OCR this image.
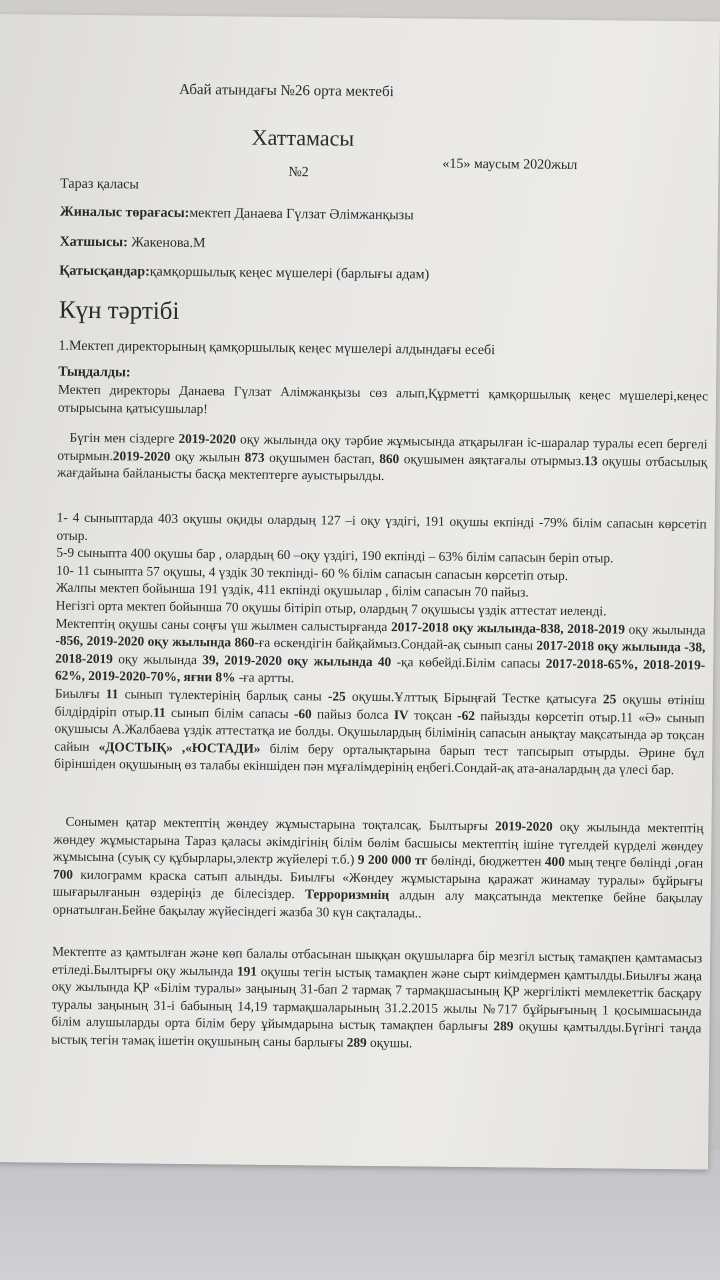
Абай атындағы №26 орта мектебі
Хаттамасы
Тараз қаласы
№2	«15» маусым 2020жыл
Жиналыс төрағасы:мектеп Данаева Гүлзат Әлімжанқызы
Хатшысы: Жакенова.М
Қатысқандар:қамқоршылық кеңес мүшелері (барлығы адам)
Күн тәртібі
1.Мектеп директорының қамқоршылық кеңес мүшелері алдындағы есебі
Тыңдалды:
Мектеп директоры Данаева Гүлзат Алімжанқызы сөз алып,Құрметті қамқоршылық кеңес мүшелері,кеңес отырысына қатысушылар!
Бүгін мен сіздерге 2019-2020 оқу жылында оқу тәрбие жұмысында атқарылған іс-шаралар туралы есеп бергелі отырмын.2019-2020 оқу жылын 873 оқушымен бастап, 860 оқушымен аяқтағалы отырмыз.13 оқушы отбасылық жағдайына байланысты басқа мектептерге ауыстырылды.
1- 4 сыныптарда 403 оқушы оқиды олардың 127 –і оқу үздігі, 191 оқушы екпінді -79% білім сапасын көрсетіп отыр.
5-9 сыныпта 400 оқушы бар , олардың 60 –оқу үздігі, 190 екпінді – 63% білім сапасын беріп отыр.
10- 11 сыныпта 57 оқушы, 4 үздік 30 текпінді- 60 % білім сапасын сапасын көрсетіп отыр.
Жалпы мектеп бойынша 191 үздік, 411 екпінді оқушылар , білім сапасын 70 пайыз.
Негізгі орта мектеп бойынша 70 оқушы бітіріп отыр, олардың 7 оқушысы үздік аттестат иеленді.
Мектептің оқушы саны соңғы үш жылмен салыстырғанда 2017-2018 оқу жылында-838, 2018-2019 оқу жылында -856, 2019-2020 оқу жылында 860-ға өскендігін байқаймыз.Сондай-ақ сынып саны 2017-2018 оқу жылында -38, 2018-2019 оқу жылында 39, 2019-2020 оқу жылында 40 -қа көбейді.Білім сапасы 2017-2018-65%, 2018-2019-62%, 2019-2020-70%, яғни 8% -ға артты.
Биылғы 11 сынып түлектерінің барлық саны -25 оқушы.Ұлттық Бірыңғай Тестке қатысуға 25 оқушы өтініш білдірдіріп отыр.11 сынып білім сапасы -60 пайыз болса IV тоқсан -62 пайызды көрсетіп отыр.11 «Ә» сынып оқушысы А.Жалбаева үздік аттестатқа ие болды. Оқушылардың білімінің сапасын анықтау мақсатында әр тоқсан сайын «ДОСТЫҚ» ,«ЮСТАДИ» білім беру орталықтарына барып тест тапсырып отырды. Әрине бұл біріншіден оқушының өз талабы екіншіден пән мұғалімдерінің еңбегі.Сондай-ақ ата-аналардың да үлесі бар.
Сонымен қатар мектептің жөндеу жұмыстарына тоқталсақ. Былтырғы 2019-2020 оқу жылында мектептің жөндеу жұмыстарына Тараз қаласы әкімдігінің білім бөлім басшысы мектептің ішіне түгелдей күрделі жөндеу жұмысына (суық су құбырлары,электр жүйелері т.б.) 9 200 000 тг бөлінді, бюджеттен 400 мың теңге бөлінді ,оған 700 килограмм краска сатып алынды. Биылғы «Жөндеу жұмыстарына қаражат жинамау туралы» бұйрығы шығарылғанын өздеріңіз де білесіздер. Терроризмнің алдын алу мақсатында мектепке бейне бақылау орнатылған.Бейне бақылау жүйесіндегі жазба 30 күн сақталады..
Мектепте аз қамтылған және көп балалы отбасынан шыққан оқушыларға бір мезгіл ыстық тамақпен қамтамасыз етіледі.Былтырғы оқу жылында 191 оқушы тегін ыстық тамақпен және сырт киімдермен қамтылды.Биылғы жаңа оқу жылында ҚР «Білім туралы» заңының 31-бап 2 тармақ 7 тармақшасының ҚР жергілікті мемлекеттік басқару туралы заңының 31-і бабының 14,19 тармақшаларының 31.2.2015 жылы №717 бұйрығының 1 қосымшасында білім алушыларды орта білім беру ұйымдарына ыстық тамақпен барлығы 289 оқушы қамтылды.Бүгінгі таңда ыстық тегін тамақ ішетін оқушының саны барлығы 289 оқушы.
